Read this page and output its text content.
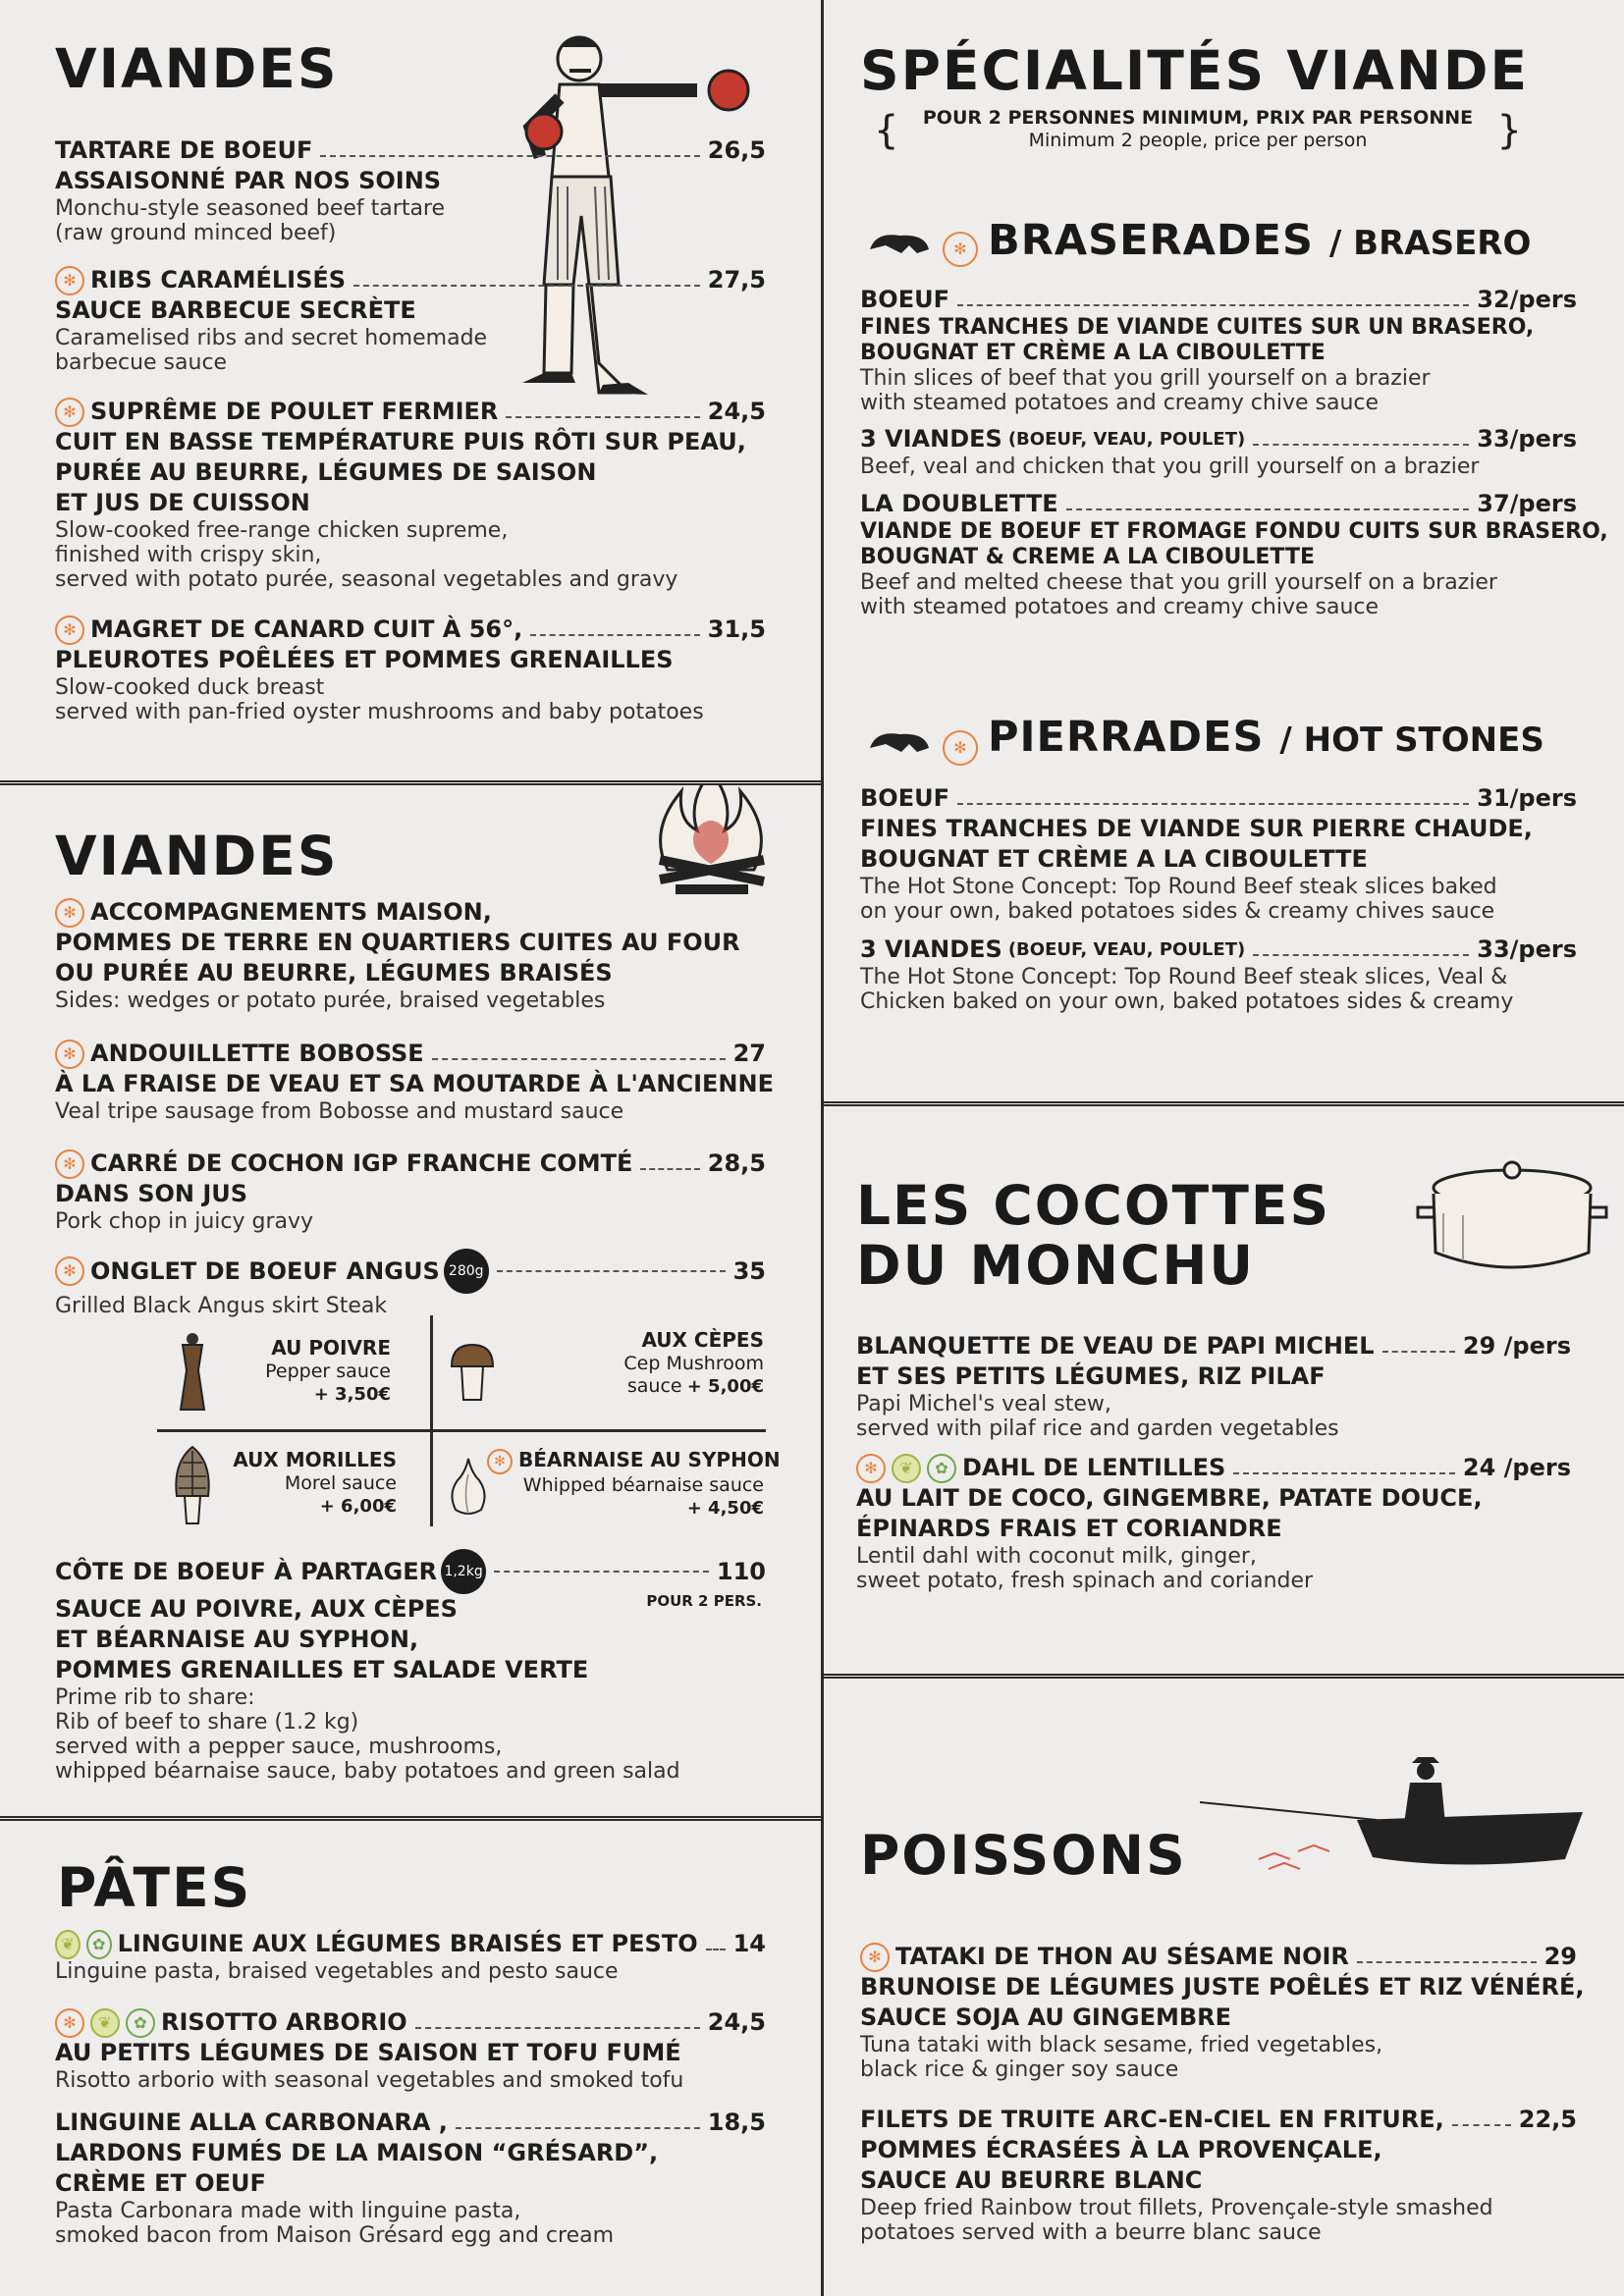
VIANDES
TARTARE DE BOEUF	26,5
ASSAISONNÉ PAR NOS SOINS
Monchu-style seasoned beef tartare
(raw ground minced beef)
✻ RIBS CARAMÉLISÉS	27,5
SAUCE BARBECUE SECRÈTE
Caramelised ribs and secret homemade
barbecue sauce
✻ SUPRÊME DE POULET FERMIER	24,5
CUIT EN BASSE TEMPÉRATURE PUIS RÔTI SUR PEAU,
PURÉE AU BEURRE, LÉGUMES DE SAISON
ET JUS DE CUISSON
Slow-cooked free-range chicken supreme,
finished with crispy skin,
served with potato purée, seasonal vegetables and gravy
✻ MAGRET DE CANARD CUIT À 56°,	31,5
PLEUROTES POÊLÉES ET POMMES GRENAILLES
Slow-cooked duck breast
served with pan-fried oyster mushrooms and baby potatoes
VIANDES
✻ ACCOMPAGNEMENTS MAISON,
POMMES DE TERRE EN QUARTIERS CUITES AU FOUR
OU PURÉE AU BEURRE, LÉGUMES BRAISÉS
Sides: wedges or potato purée, braised vegetables
✻ ANDOUILLETTE BOBOSSE	27
À LA FRAISE DE VEAU ET SA MOUTARDE À L'ANCIENNE
Veal tripe sausage from Bobosse and mustard sauce
✻ CARRÉ DE COCHON IGP FRANCHE COMTÉ	28,5
DANS SON JUS
Pork chop in juicy gravy
✻ ONGLET DE BOEUF ANGUS 280g	35
Grilled Black Angus skirt Steak
AU POIVRE
Pepper sauce
+ 3,50€
AUX CÈPES
Cep Mushroom
sauce + 5,00€
AUX MORILLES
Morel sauce
+ 6,00€
✻ BÉARNAISE AU SYPHON
Whipped béarnaise sauce
+ 4,50€
CÔTE DE BOEUF À PARTAGER 1,2kg	110
POUR 2 PERS.
SAUCE AU POIVRE, AUX CÈPES
ET BÉARNAISE AU SYPHON,
POMMES GRENAILLES ET SALADE VERTE
Prime rib to share:
Rib of beef to share (1.2 kg)
served with a pepper sauce, mushrooms,
whipped béarnaise sauce, baby potatoes and green salad
PÂTES
❦	✿ LINGUINE AUX LÉGUMES BRAISÉS ET PESTO 14
Linguine pasta, braised vegetables and pesto sauce
✻	❦	✿ RISOTTO ARBORIO	24,5
AU PETITS LÉGUMES DE SAISON ET TOFU FUMÉ
Risotto arborio with seasonal vegetables and smoked tofu
LINGUINE ALLA CARBONARA ,	18,5
LARDONS FUMÉS DE LA MAISON “GRÉSARD”,
CRÈME ET OEUF
Pasta Carbonara made with linguine pasta,
smoked bacon from Maison Grésard egg and cream
SPÉCIALITÉS VIANDE
{	POUR 2 PERSONNES MINIMUM, PRIX PAR PERSONNE
Minimum 2 people, price per person	}
✻ BRASERADES / BRASERO
BOEUF	32/pers
FINES TRANCHES DE VIANDE CUITES SUR UN BRASERO,
BOUGNAT ET CRÈME A LA CIBOULETTE
Thin slices of beef that you grill yourself on a brazier
with steamed potatoes and creamy chive sauce
3 VIANDES (BOEUF, VEAU, POULET)	33/pers
Beef, veal and chicken that you grill yourself on a brazier
LA DOUBLETTE	37/pers
VIANDE DE BOEUF ET FROMAGE FONDU CUITS SUR BRASERO,
BOUGNAT & CREME A LA CIBOULETTE
Beef and melted cheese that you grill yourself on a brazier
with steamed potatoes and creamy chive sauce
✻ PIERRADES / HOT STONES
BOEUF	31/pers
FINES TRANCHES DE VIANDE SUR PIERRE CHAUDE,
BOUGNAT ET CRÈME A LA CIBOULETTE
The Hot Stone Concept: Top Round Beef steak slices baked
on your own, baked potatoes sides & creamy chives sauce
3 VIANDES (BOEUF, VEAU, POULET)	33/pers
The Hot Stone Concept: Top Round Beef steak slices, Veal &
Chicken baked on your own, baked potatoes sides & creamy
LES COCOTTES
DU MONCHU
BLANQUETTE DE VEAU DE PAPI MICHEL	29 /pers
ET SES PETITS LÉGUMES, RIZ PILAF
Papi Michel's veal stew,
served with pilaf rice and garden vegetables
✻	❦	✿ DAHL DE LENTILLES	24 /pers
AU LAIT DE COCO, GINGEMBRE, PATATE DOUCE,
ÉPINARDS FRAIS ET CORIANDRE
Lentil dahl with coconut milk, ginger,
sweet potato, fresh spinach and coriander
POISSONS
✻ TATAKI DE THON AU SÉSAME NOIR	29
BRUNOISE DE LÉGUMES JUSTE POÊLÉS ET RIZ VÉNÉRÉ,
SAUCE SOJA AU GINGEMBRE
Tuna tataki with black sesame, fried vegetables,
black rice & ginger soy sauce
FILETS DE TRUITE ARC-EN-CIEL EN FRITURE,	22,5
POMMES ÉCRASÉES À LA PROVENÇALE,
SAUCE AU BEURRE BLANC
Deep fried Rainbow trout fillets, Provençale-style smashed
potatoes served with a beurre blanc sauce
